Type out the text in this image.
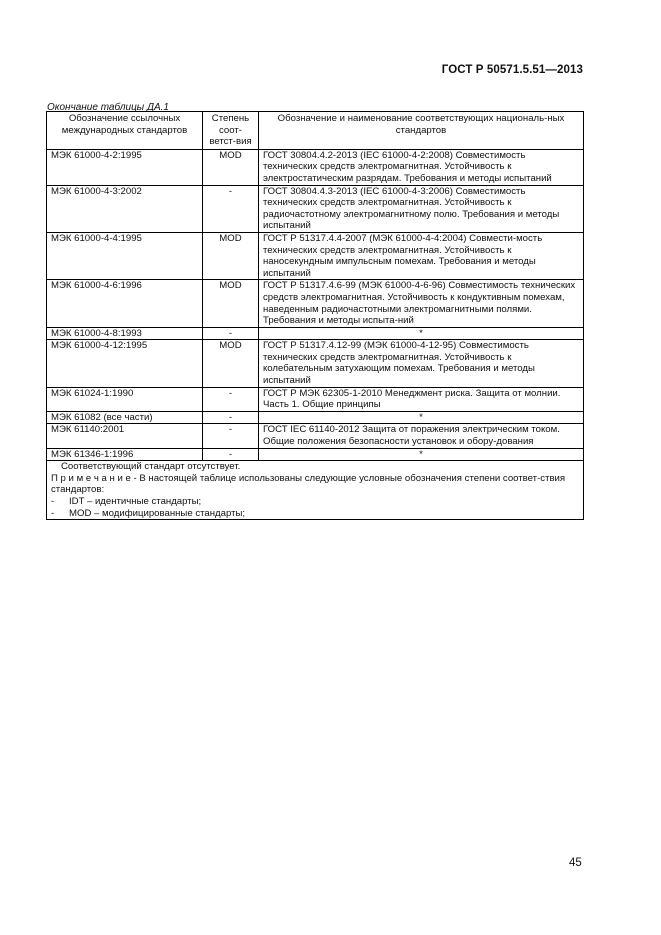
ГОСТ Р 50571.5.51—2013
Окончание таблицы ДА.1
Обозначение ссылочных международных стандартов	Степень соот-ветст-вия	Обозначение и наименование соответствующих националь-ных стандартов
МЭК 61000-4-2:1995	MOD	ГОСТ 30804.4.2-2013 (IEC 61000-4-2:2008) Совместимость технических средств электромагнитная. Устойчивость к электростатическим разрядам. Требования и методы испытаний
МЭК 61000-4-3:2002	-	ГОСТ 30804.4.3-2013 (IEC 61000-4-3:2006) Совместимость технических средств электромагнитная. Устойчивость к радиочастотному электромагнитному полю. Требования и методы испытаний
МЭК 61000-4-4:1995	MOD	ГОСТ Р 51317.4.4-2007 (МЭК 61000-4-4:2004) Совмести-мость технических средств электромагнитная. Устойчивость к наносекундным импульсным помехам. Требования и методы испытаний
МЭК 61000-4-6:1996	MOD	ГОСТ Р 51317.4.6-99 (МЭК 61000-4-6-96) Совместимость технических средств электромагнитная. Устойчивость к кондуктивным помехам, наведенным радиочастотными электромагнитными полями. Требования и методы испыта-ний
МЭК 61000-4-8:1993	-	*
МЭК 61000-4-12:1995	MOD	ГОСТ Р 51317.4.12-99 (МЭК 61000-4-12-95) Совместимость технических средств электромагнитная. Устойчивость к колебательным затухающим помехам. Требования и методы испытаний
МЭК 61024-1:1990	-	ГОСТ Р МЭК 62305-1-2010 Менеджмент риска. Защита от молнии. Часть 1. Общие принципы
МЭК 61082 (все части)	-	*
МЭК 61140:2001	-	ГОСТ IEC 61140-2012 Защита от поражения электрическим током. Общие положения безопасности установок и обору-дования
МЭК 61346-1:1996	-	*

Соответствующий стандарт отсутствует.
П р и м е ч а н и е - В настоящей таблице использованы следующие условные обозначения степени соответ-ствия стандартов:
- IDT – идентичные стандарты;
- MOD – модифицированные стандарты;		
45
